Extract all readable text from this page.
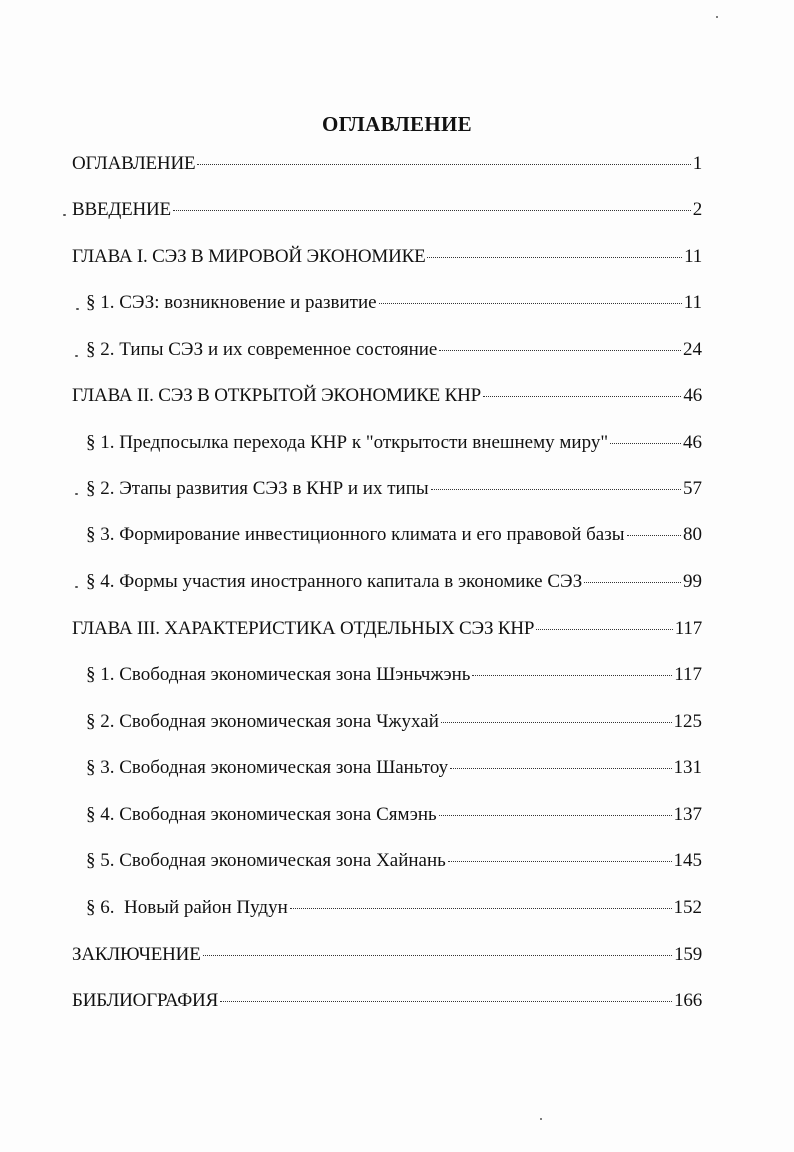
ОГЛАВЛЕНИЕ
ОГЛАВЛЕНИЕ	1
ВВЕДЕНИЕ	2
ГЛАВА I. СЭЗ В МИРОВОЙ ЭКОНОМИКЕ	11
§ 1. СЭЗ: возникновение и развитие	11
§ 2. Типы СЭЗ и их современное состояние	24
ГЛАВА II. СЭЗ В ОТКРЫТОЙ ЭКОНОМИКЕ КНР	46
§ 1. Предпосылка перехода КНР к "открытости внешнему миру"	46
§ 2. Этапы развития СЭЗ в КНР и их типы	57
§ 3. Формирование инвестиционного климата и его правовой базы	80
§ 4. Формы участия иностранного капитала в экономике СЭЗ	99
ГЛАВА III. ХАРАКТЕРИСТИКА ОТДЕЛЬНЫХ СЭЗ КНР	117
§ 1. Свободная экономическая зона Шэньчжэнь	117
§ 2. Свободная экономическая зона Чжухай	125
§ 3. Свободная экономическая зона Шаньтоу	131
§ 4. Свободная экономическая зона Сямэнь	137
§ 5. Свободная экономическая зона Хайнань	145
§ 6.  Новый район Пудун	152
ЗАКЛЮЧЕНИЕ	159
БИБЛИОГРАФИЯ	166
